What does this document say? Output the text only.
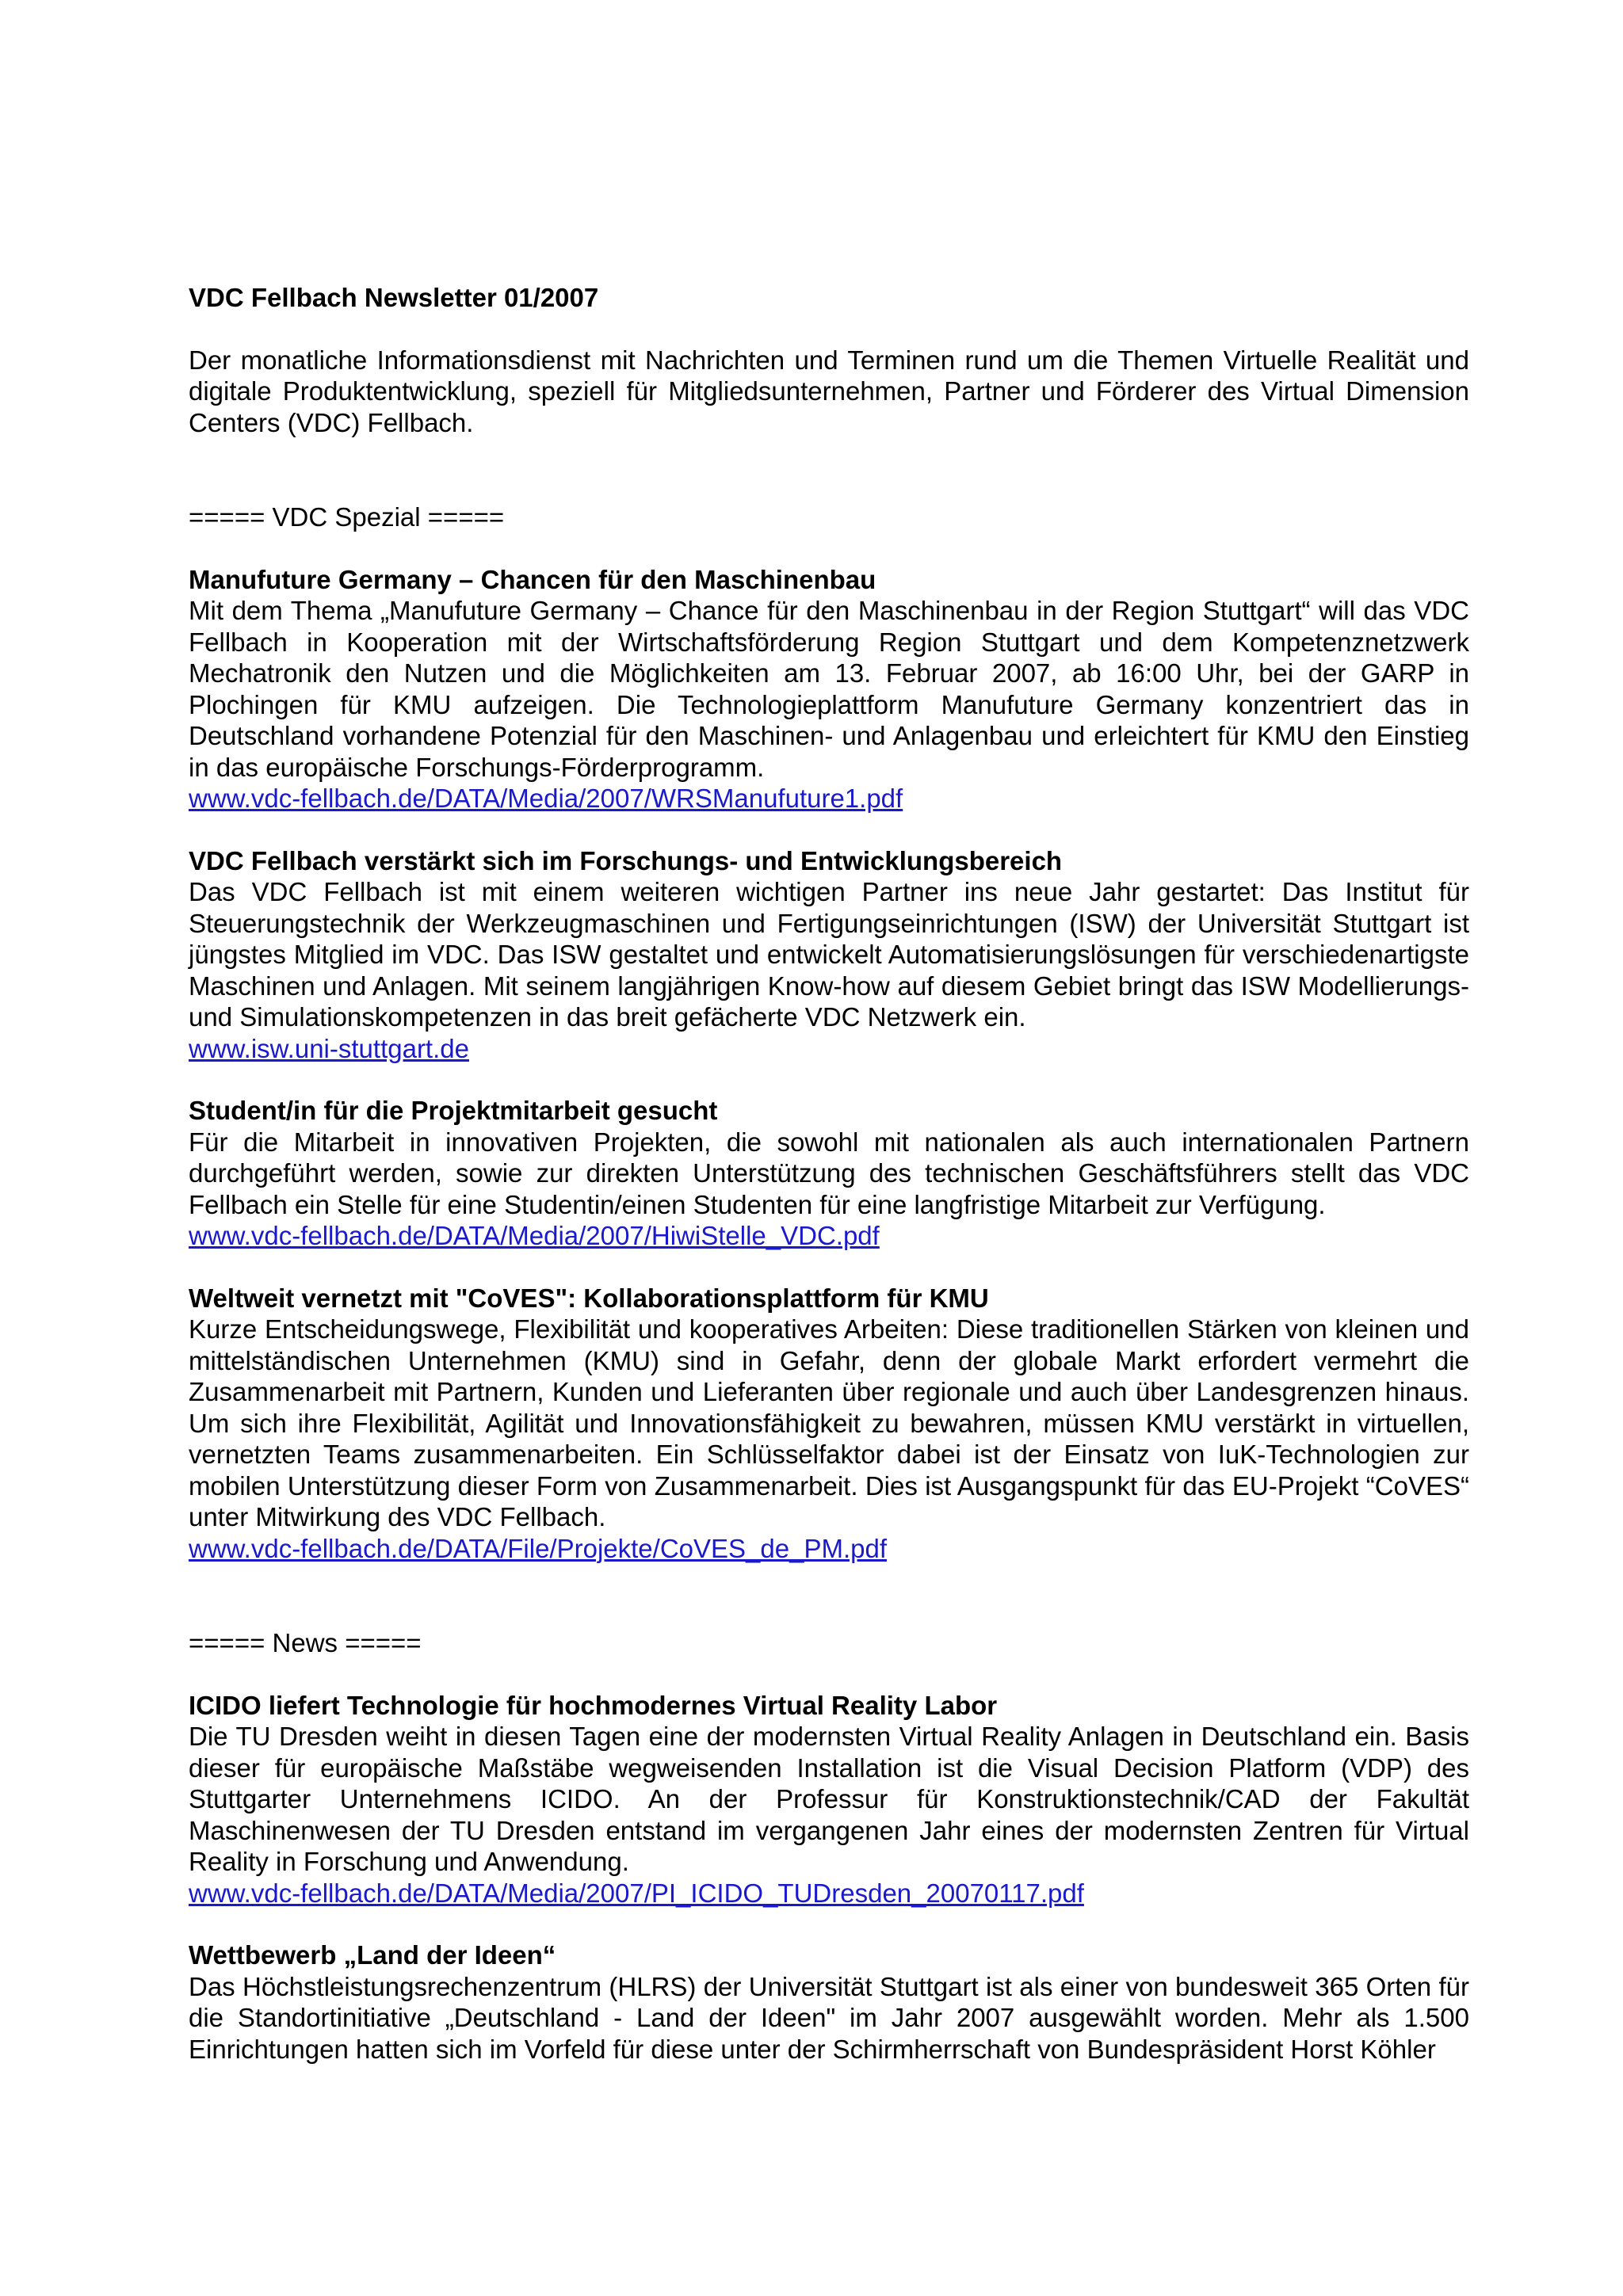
VDC Fellbach Newsletter 01/2007

Der monatliche Informationsdienst mit Nachrichten und Terminen rund um die Themen Virtuelle Realität und digitale Produktentwicklung, speziell für Mitgliedsunternehmen, Partner und Förderer des Virtual Dimension Centers (VDC) Fellbach.

===== VDC Spezial =====

Manufuture Germany – Chancen für den Maschinenbau

Mit dem Thema „Manufuture Germany – Chance für den Maschinenbau in der Region Stuttgart“ will das VDC Fellbach in Kooperation mit der Wirtschaftsförderung Region Stuttgart und dem Kompetenznetzwerk Mechatronik den Nutzen und die Möglichkeiten am 13. Februar 2007, ab 16:00 Uhr, bei der GARP in Plochingen für KMU aufzeigen. Die Technologieplattform Manufuture Germany konzentriert das in Deutschland vorhandene Potenzial für den Maschinen- und Anlagenbau und erleichtert für KMU den Einstieg in das europäische Forschungs-Förderprogramm.

www.vdc-fellbach.de/DATA/Media/2007/WRSManufuture1.pdf

VDC Fellbach verstärkt sich im Forschungs- und Entwicklungsbereich

Das VDC Fellbach ist mit einem weiteren wichtigen Partner ins neue Jahr gestartet: Das Institut für Steuerungstechnik der Werkzeugmaschinen und Fertigungseinrichtungen (ISW) der Universität Stuttgart ist jüngstes Mitglied im VDC. Das ISW gestaltet und entwickelt Automatisierungslösungen für verschiedenartigste Maschinen und Anlagen. Mit seinem langjährigen Know-how auf diesem Gebiet bringt das ISW Modellierungs- und Simulationskompetenzen in das breit gefächerte VDC Netzwerk ein.

www.isw.uni-stuttgart.de

Student/in für die Projektmitarbeit gesucht

Für die Mitarbeit in innovativen Projekten, die sowohl mit nationalen als auch internationalen Partnern durchgeführt werden, sowie zur direkten Unterstützung des technischen Geschäftsführers stellt das VDC Fellbach ein Stelle für eine Studentin/einen Studenten für eine langfristige Mitarbeit zur Verfügung.

www.vdc-fellbach.de/DATA/Media/2007/HiwiStelle_VDC.pdf

Weltweit vernetzt mit "CoVES": Kollaborationsplattform für KMU

Kurze Entscheidungswege, Flexibilität und kooperatives Arbeiten: Diese traditionellen Stärken von kleinen und mittelständischen Unternehmen (KMU) sind in Gefahr, denn der globale Markt erfordert vermehrt die Zusammenarbeit mit Partnern, Kunden und Lieferanten über regionale und auch über Landesgrenzen hinaus. Um sich ihre Flexibilität, Agilität und Innovationsfähigkeit zu bewahren, müssen KMU verstärkt in virtuellen, vernetzten Teams zusammenarbeiten. Ein Schlüsselfaktor dabei ist der Einsatz von IuK-Technologien zur mobilen Unterstützung dieser Form von Zusammenarbeit. Dies ist Ausgangspunkt für das EU-Projekt “CoVES“ unter Mitwirkung des VDC Fellbach.

www.vdc-fellbach.de/DATA/File/Projekte/CoVES_de_PM.pdf

===== News =====

ICIDO liefert Technologie für hochmodernes Virtual Reality Labor

Die TU Dresden weiht in diesen Tagen eine der modernsten Virtual Reality Anlagen in Deutschland ein. Basis dieser für europäische Maßstäbe wegweisenden Installation ist die Visual Decision Platform (VDP) des Stuttgarter Unternehmens ICIDO. An der Professur für Konstruktionstechnik/CAD der Fakultät Maschinenwesen der TU Dresden entstand im vergangenen Jahr eines der modernsten Zentren für Virtual Reality in Forschung und Anwendung.

www.vdc-fellbach.de/DATA/Media/2007/PI_ICIDO_TUDresden_20070117.pdf

Wettbewerb „Land der Ideen“

Das Höchstleistungsrechenzentrum (HLRS) der Universität Stuttgart ist als einer von bundesweit 365 Orten für die Standortinitiative „Deutschland - Land der Ideen" im Jahr 2007 ausgewählt worden. Mehr als 1.500 Einrichtungen hatten sich im Vorfeld für diese unter der Schirmherrschaft von Bundespräsident Horst Köhler
